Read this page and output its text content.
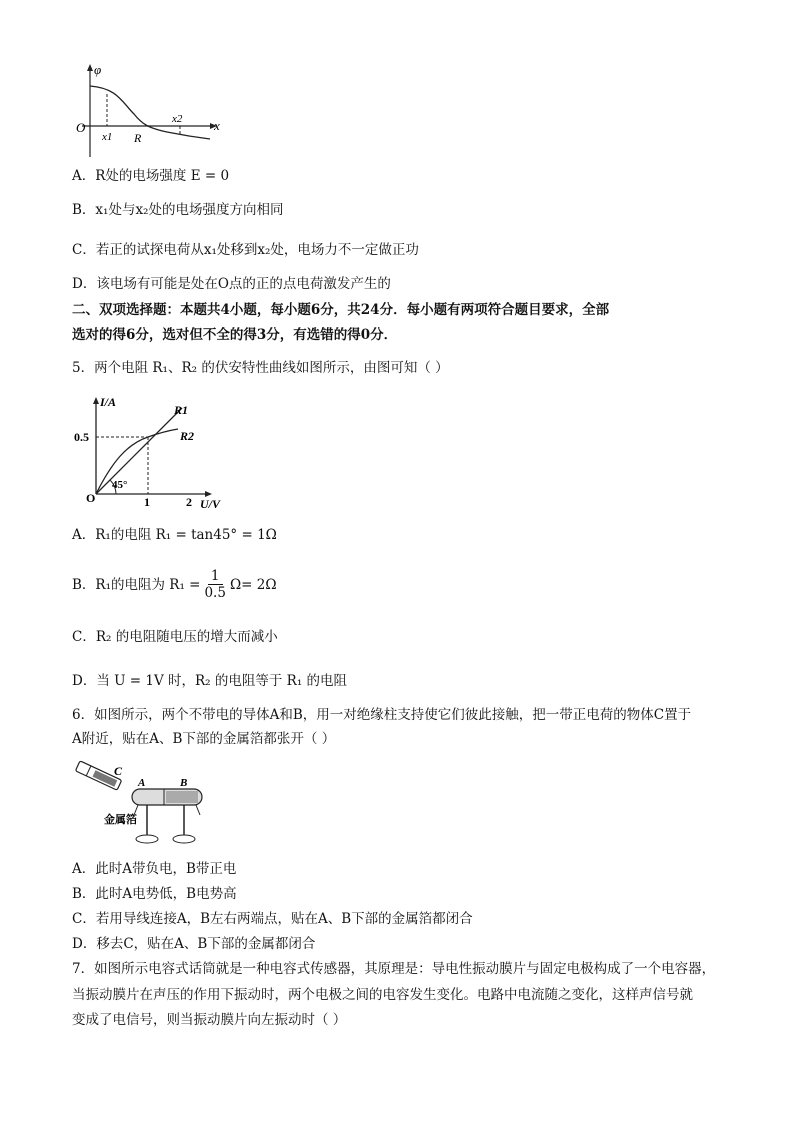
φ
x
O
x1
x2
R
A．R处的电场强度 E = 0
B．x₁处与x₂处的电场强度方向相同
C．若正的试探电荷从x₁处移到x₂处，电场力不一定做正功
D．该电场有可能是处在O点的正的点电荷激发产生的
二、双项选择题：本题共4小题，每小题6分，共24分．每小题有两项符合题目要求，全部
选对的得6分，选对但不全的得3分，有选错的得0分．
5．两个电阻 R₁、R₂ 的伏安特性曲线如图所示，由图可知（ ）
I/A
U/V
O
0.5
1	2
45°
R1
R2
A．R₁的电阻 R₁ = tan45° = 1Ω
B．R₁的电阻为 $R_1 = \frac{1}{0.5} \Omega= 2\Omega$
C．R₂ 的电阻随电压的增大而减小
D．当 U = 1V 时，R₂ 的电阻等于 R₁ 的电阻
6．如图所示，两个不带电的导体A和B，用一对绝缘柱支持使它们彼此接触，把一带正电荷的物体C置于
A附近，贴在A、B下部的金属箔都张开（ ）
C
A	B
金属箔
A．此时A带负电，B带正电
B．此时A电势低，B电势高
C．若用导线连接A，B左右两端点，贴在A、B下部的金属箔都闭合
D．移去C，贴在A、B下部的金属都闭合
7．如图所示电容式话筒就是一种电容式传感器，其原理是：导电性振动膜片与固定电极构成了一个电容器，
当振动膜片在声压的作用下振动时，两个电极之间的电容发生变化。电路中电流随之变化，这样声信号就
变成了电信号，则当振动膜片向左振动时（ ）
